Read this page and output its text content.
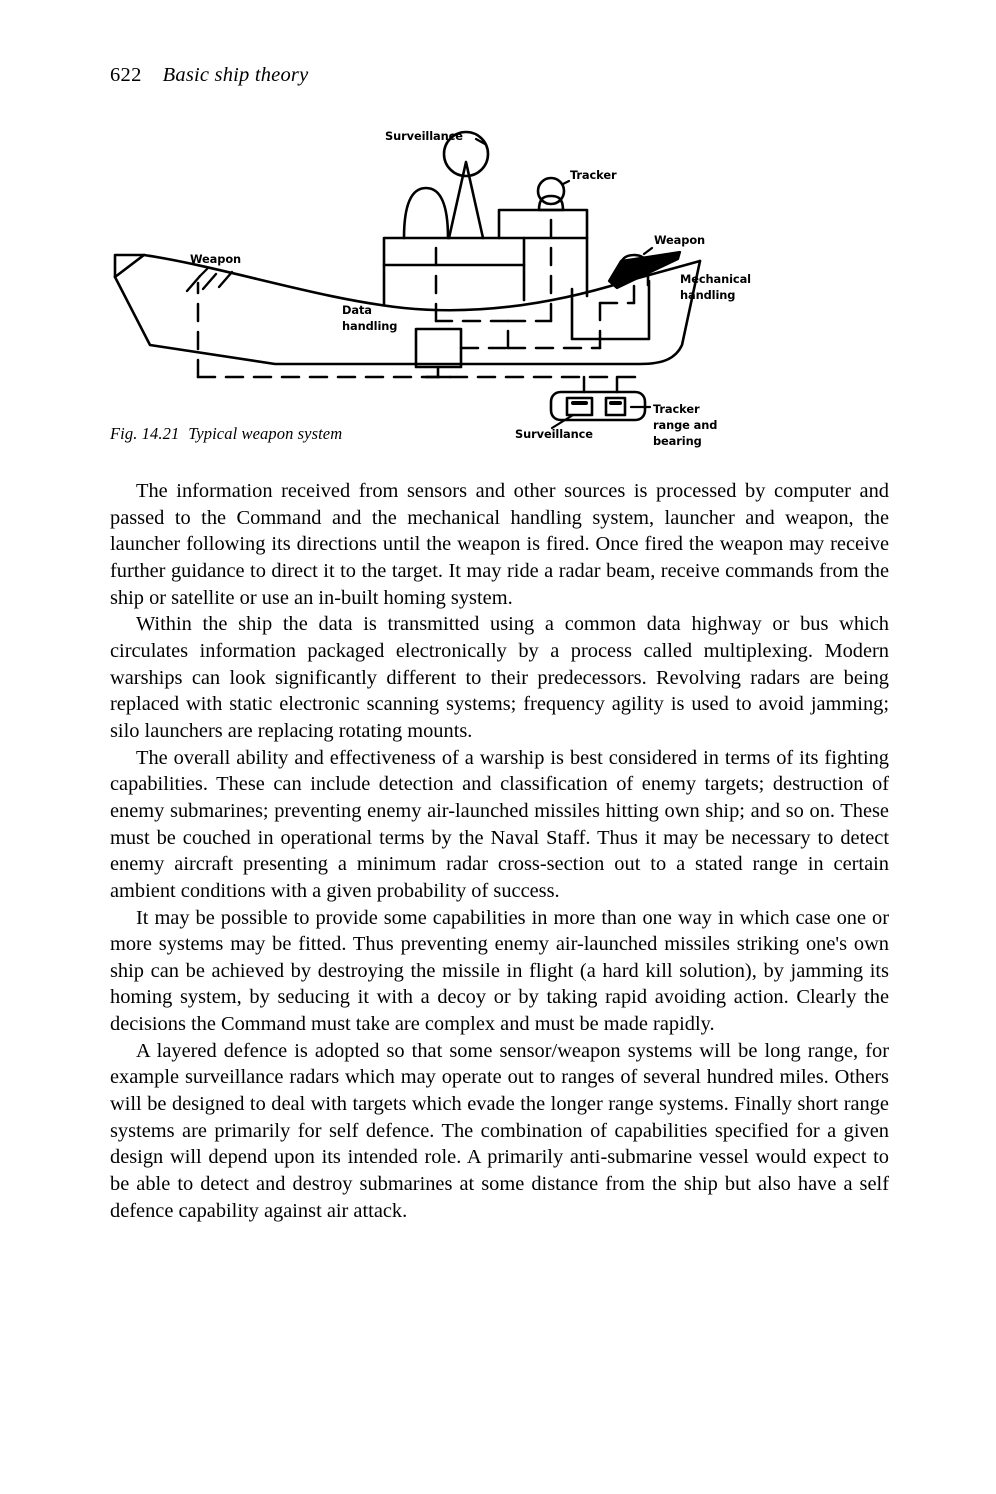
622 Basic ship theory
Surveillance
Tracker
Weapon
Weapon
Mechanical
handling
Data
handling
Surveillance
Tracker
range and
bearing
Fig. 14.21 Typical weapon system

The information received from sensors and other sources is processed by computer and passed to the Command and the mechanical handling system, launcher and weapon, the launcher following its directions until the weapon is fired. Once fired the weapon may receive further guidance to direct it to the target. It may ride a radar beam, receive commands from the ship or satellite or use an in-built homing system.

Within the ship the data is transmitted using a common data highway or bus which circulates information packaged electronically by a process called multiplexing. Modern warships can look significantly different to their predecessors. Revolving radars are being replaced with static electronic scanning systems; frequency agility is used to avoid jamming; silo launchers are replacing rotating mounts.

The overall ability and effectiveness of a warship is best considered in terms of its fighting capabilities. These can include detection and classification of enemy targets; destruction of enemy submarines; preventing enemy air-launched missiles hitting own ship; and so on. These must be couched in operational terms by the Naval Staff. Thus it may be necessary to detect enemy aircraft presenting a minimum radar cross-section out to a stated range in certain ambient conditions with a given probability of success.

It may be possible to provide some capabilities in more than one way in which case one or more systems may be fitted. Thus preventing enemy air-launched missiles striking one's own ship can be achieved by destroying the missile in flight (a hard kill solution), by jamming its homing system, by seducing it with a decoy or by taking rapid avoiding action. Clearly the decisions the Command must take are complex and must be made rapidly.

A layered defence is adopted so that some sensor/weapon systems will be long range, for example surveillance radars which may operate out to ranges of several hundred miles. Others will be designed to deal with targets which evade the longer range systems. Finally short range systems are primarily for self defence. The combination of capabilities specified for a given design will depend upon its intended role. A primarily anti-submarine vessel would expect to be able to detect and destroy submarines at some distance from the ship but also have a self defence capability against air attack.
